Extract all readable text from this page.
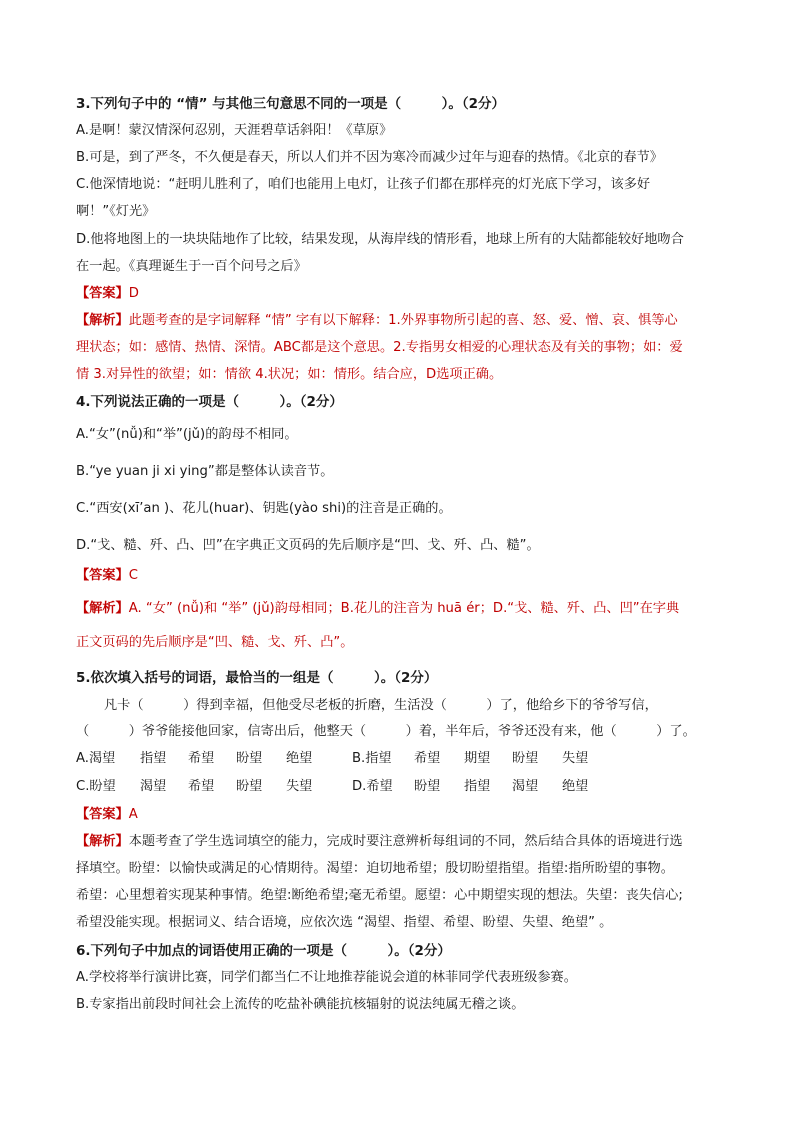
3.下列句子中的 “情” 与其他三句意思不同的一项是（　　　）。（2分）
A.是啊！蒙汉情深何忍别，天涯碧草话斜阳！《草原》
B.可是，到了严冬，不久便是春天，所以人们并不因为寒冷而减少过年与迎春的热情。《北京的春节》
C.他深情地说：“赶明儿胜利了，咱们也能用上电灯，让孩子们都在那样亮的灯光底下学习，该多好
啊！”《灯光》
D.他将地图上的一块块陆地作了比较，结果发现，从海岸线的情形看，地球上所有的大陆都能较好地吻合
在一起。《真理诞生于一百个问号之后》
【答案】D
【解析】此题考查的是字词解释 “情” 字有以下解释：1.外界事物所引起的喜、怒、爱、憎、哀、惧等心
理状态；如：感情、热情、深情。ABC都是这个意思。2.专指男女相爱的心理状态及有关的事物；如：爱
情 3.对异性的欲望；如：情欲 4.状况；如：情形。结合应，D选项正确。
4.下列说法正确的一项是（　　　）。（2分）
A.“女”(nǚ)和“举”(jǔ)的韵母不相同。
B.“ye yuan ji xi ying”都是整体认读音节。
C.“西安(xī’an )、花儿(huar)、钥匙(yào shi)的注音是正确的。
D.“戈、糙、歼、凸、凹”在字典正文页码的先后顺序是“凹、戈、歼、凸、糙”。
【答案】C
【解析】A. “女” (nǚ)和 “举” (jǔ)韵母相同；B.花儿的注音为 huā ér；D.“戈、糙、歼、凸、凹”在字典
正文页码的先后顺序是“凹、糙、戈、歼、凸”。
5.依次填入括号的词语，最恰当的一组是（　　　）。（2分）
凡卡（　　　）得到幸福，但他受尽老板的折磨，生活没（　　　）了，他给乡下的爷爷写信，
（　　　）爷爷能接他回家，信寄出后，他整天（　　　）着，半年后，爷爷还没有来，他（　　　）了。
A.渴望 指望 希望 盼望 绝望	B.指望 希望 期望 盼望 失望
C.盼望 渴望 希望 盼望 失望	D.希望 盼望 指望 渴望 绝望
【答案】A
【解析】本题考查了学生选词填空的能力，完成时要注意辨析每组词的不同，然后结合具体的语境进行选
择填空。盼望：以愉快或满足的心情期待。渴望：迫切地希望；殷切盼望指望。指望:指所盼望的事物。
希望：心里想着实现某种事情。绝望:断绝希望;毫无希望。愿望：心中期望实现的想法。失望：丧失信心;
希望没能实现。根据词义、结合语境，应依次选 “渴望、指望、希望、盼望、失望、绝望” 。
6.下列句子中加点的词语使用正确的一项是（　　　）。（2分）
A.学校将举行演讲比赛，同学们都当仁不让地推荐能说会道的林菲同学代表班级参赛。
B.专家指出前段时间社会上流传的吃盐补碘能抗核辐射的说法纯属无稽之谈。
